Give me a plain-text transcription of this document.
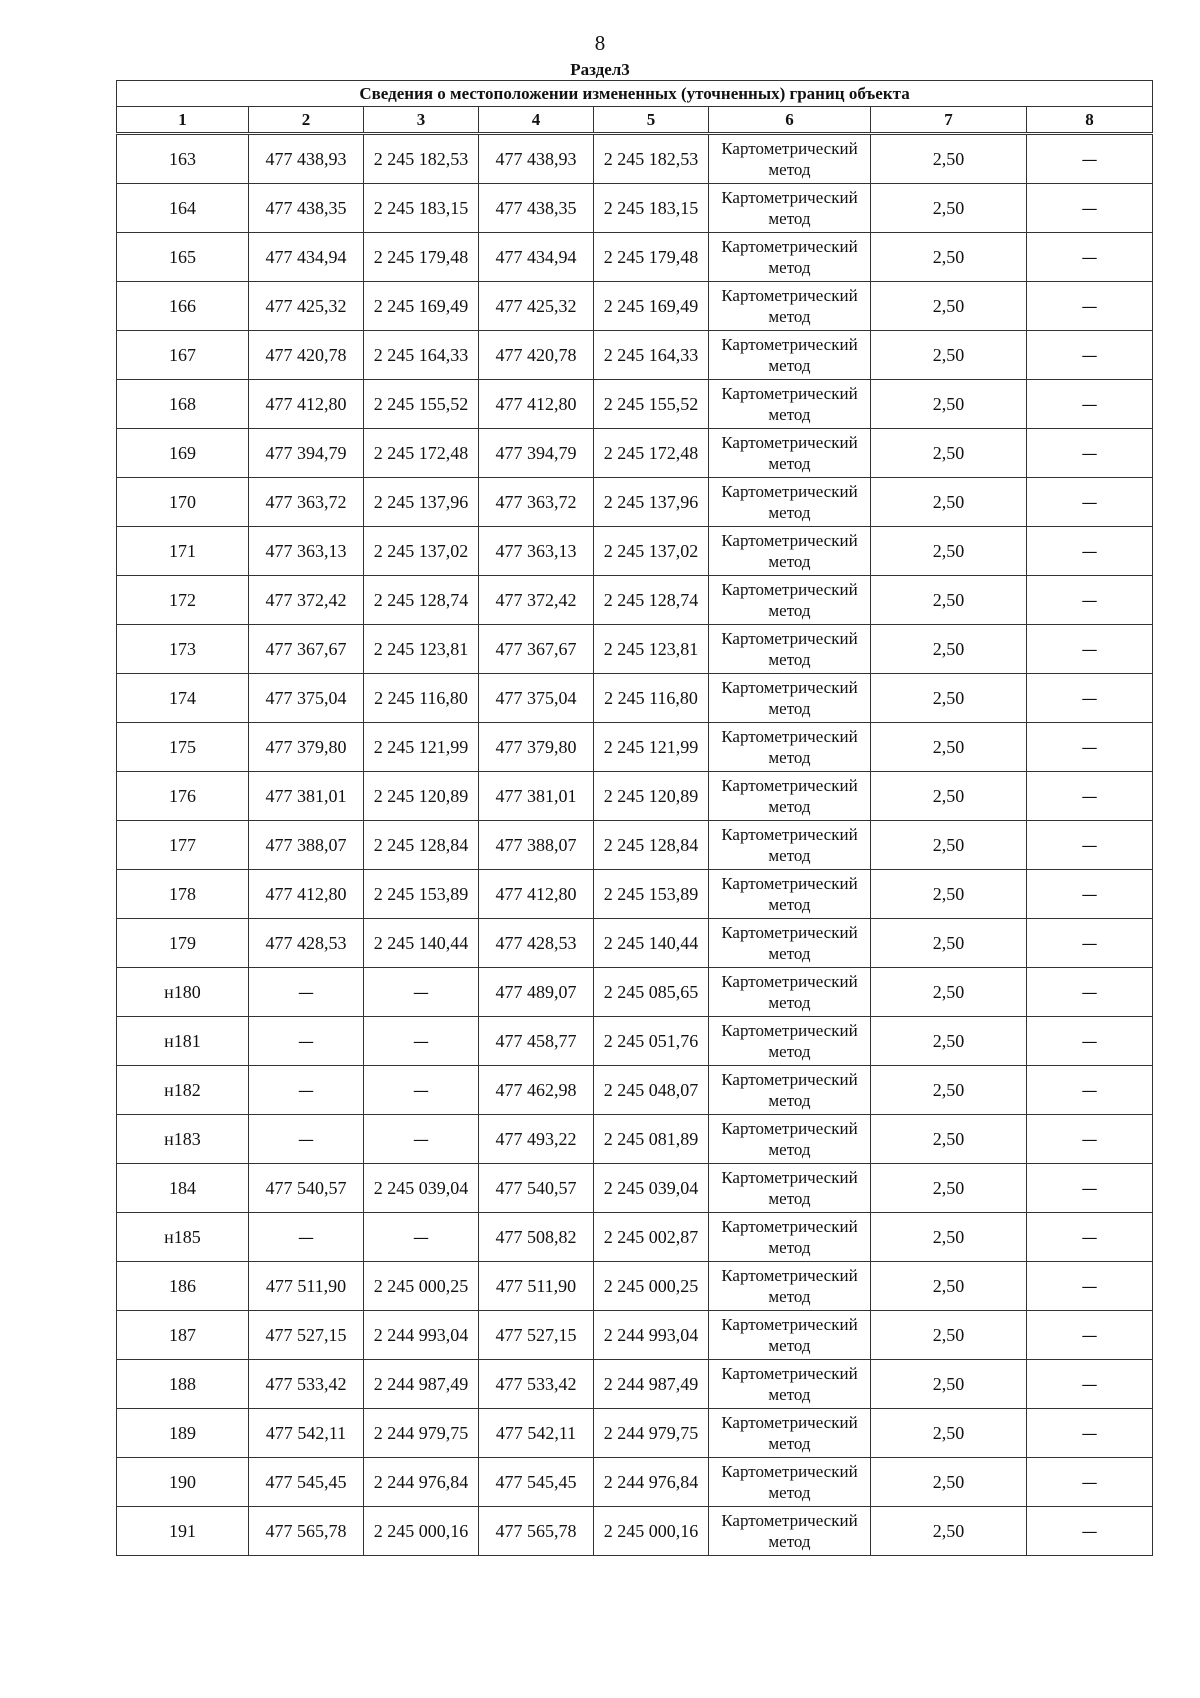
8
Раздел3
Сведения о местоположении измененных (уточненных) границ объекта							
1	2	3	4	5	6	7	8
163	477 438,93	2 245 182,53	477 438,93	2 245 182,53	Картометрический метод	2,50	—
164	477 438,35	2 245 183,15	477 438,35	2 245 183,15	Картометрический метод	2,50	—
165	477 434,94	2 245 179,48	477 434,94	2 245 179,48	Картометрический метод	2,50	—
166	477 425,32	2 245 169,49	477 425,32	2 245 169,49	Картометрический метод	2,50	—
167	477 420,78	2 245 164,33	477 420,78	2 245 164,33	Картометрический метод	2,50	—
168	477 412,80	2 245 155,52	477 412,80	2 245 155,52	Картометрический метод	2,50	—
169	477 394,79	2 245 172,48	477 394,79	2 245 172,48	Картометрический метод	2,50	—
170	477 363,72	2 245 137,96	477 363,72	2 245 137,96	Картометрический метод	2,50	—
171	477 363,13	2 245 137,02	477 363,13	2 245 137,02	Картометрический метод	2,50	—
172	477 372,42	2 245 128,74	477 372,42	2 245 128,74	Картометрический метод	2,50	—
173	477 367,67	2 245 123,81	477 367,67	2 245 123,81	Картометрический метод	2,50	—
174	477 375,04	2 245 116,80	477 375,04	2 245 116,80	Картометрический метод	2,50	—
175	477 379,80	2 245 121,99	477 379,80	2 245 121,99	Картометрический метод	2,50	—
176	477 381,01	2 245 120,89	477 381,01	2 245 120,89	Картометрический метод	2,50	—
177	477 388,07	2 245 128,84	477 388,07	2 245 128,84	Картометрический метод	2,50	—
178	477 412,80	2 245 153,89	477 412,80	2 245 153,89	Картометрический метод	2,50	—
179	477 428,53	2 245 140,44	477 428,53	2 245 140,44	Картометрический метод	2,50	—
н180	—	—	477 489,07	2 245 085,65	Картометрический метод	2,50	—
н181	—	—	477 458,77	2 245 051,76	Картометрический метод	2,50	—
н182	—	—	477 462,98	2 245 048,07	Картометрический метод	2,50	—
н183	—	—	477 493,22	2 245 081,89	Картометрический метод	2,50	—
184	477 540,57	2 245 039,04	477 540,57	2 245 039,04	Картометрический метод	2,50	—
н185	—	—	477 508,82	2 245 002,87	Картометрический метод	2,50	—
186	477 511,90	2 245 000,25	477 511,90	2 245 000,25	Картометрический метод	2,50	—
187	477 527,15	2 244 993,04	477 527,15	2 244 993,04	Картометрический метод	2,50	—
188	477 533,42	2 244 987,49	477 533,42	2 244 987,49	Картометрический метод	2,50	—
189	477 542,11	2 244 979,75	477 542,11	2 244 979,75	Картометрический метод	2,50	—
190	477 545,45	2 244 976,84	477 545,45	2 244 976,84	Картометрический метод	2,50	—
191	477 565,78	2 245 000,16	477 565,78	2 245 000,16	Картометрический метод	2,50	—
